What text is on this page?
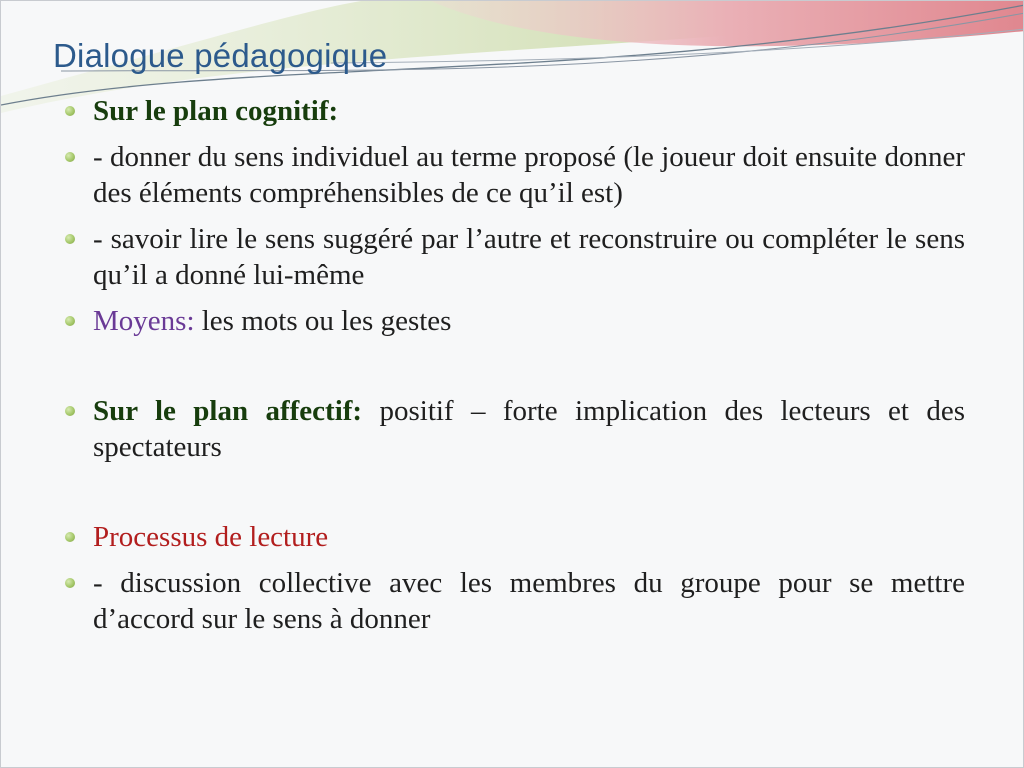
Dialogue pédagogique
Sur le plan cognitif:
- donner du sens individuel au terme proposé (le joueur doit ensuite donner des éléments compréhensibles de ce qu’il est)
- savoir lire le sens suggéré par l’autre et reconstruire ou compléter le sens qu’il a donné lui-même
Moyens: les mots ou les gestes
Sur le plan affectif: positif – forte implication des lecteurs et des spectateurs
Processus de lecture
- discussion collective avec les membres du groupe pour se mettre d’accord sur le sens à donner
